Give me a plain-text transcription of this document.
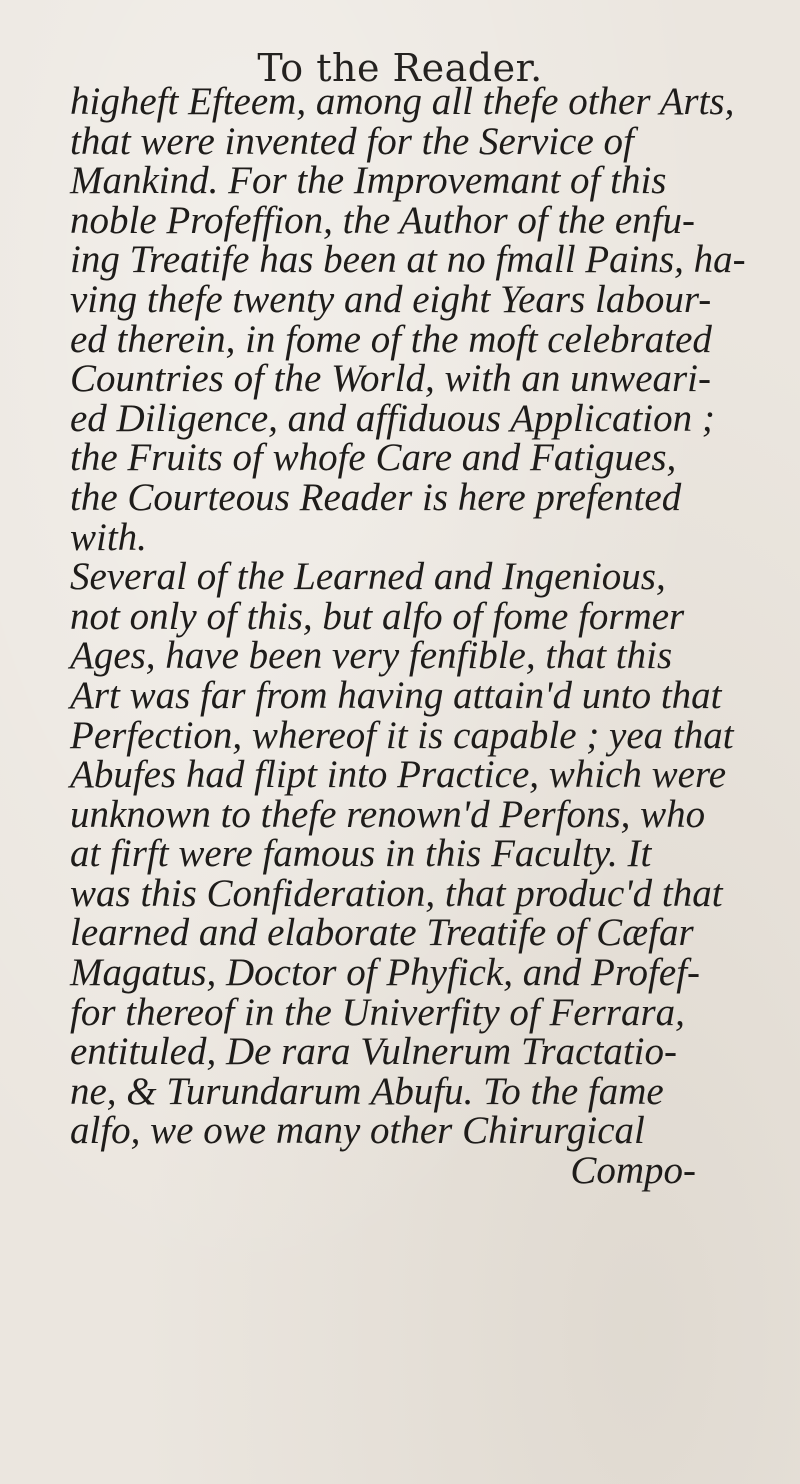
To the Reader.
higheft Efteem, among all thefe other Arts,
that were invented for the Service of
Mankind. For the Improvemant of this
noble Profeffion, the Author of the enfu-
ing Treatife has been at no fmall Pains, ha-
ving thefe twenty and eight Years labour-
ed therein, in fome of the moft celebrated
Countries of the World, with an unweari-
ed Diligence, and affiduous Application ;
the Fruits of whofe Care and Fatigues,
the Courteous Reader is here prefented
with.
Several of the Learned and Ingenious,
not only of this, but alfo of fome former
Ages, have been very fenfible, that this
Art was far from having attain'd unto that
Perfection, whereof it is capable ; yea that
Abufes had flipt into Practice, which were
unknown to thefe renown'd Perfons, who
at firft were famous in this Faculty. It
was this Confideration, that produc'd that
learned and elaborate Treatife of Cæfar
Magatus, Doctor of Phyfick, and Profef-
for thereof in the Univerfity of Ferrara,
entituled, De rara Vulnerum Tractatio-
ne, & Turundarum Abufu. To the fame
alfo, we owe many other Chirurgical
Compo-
